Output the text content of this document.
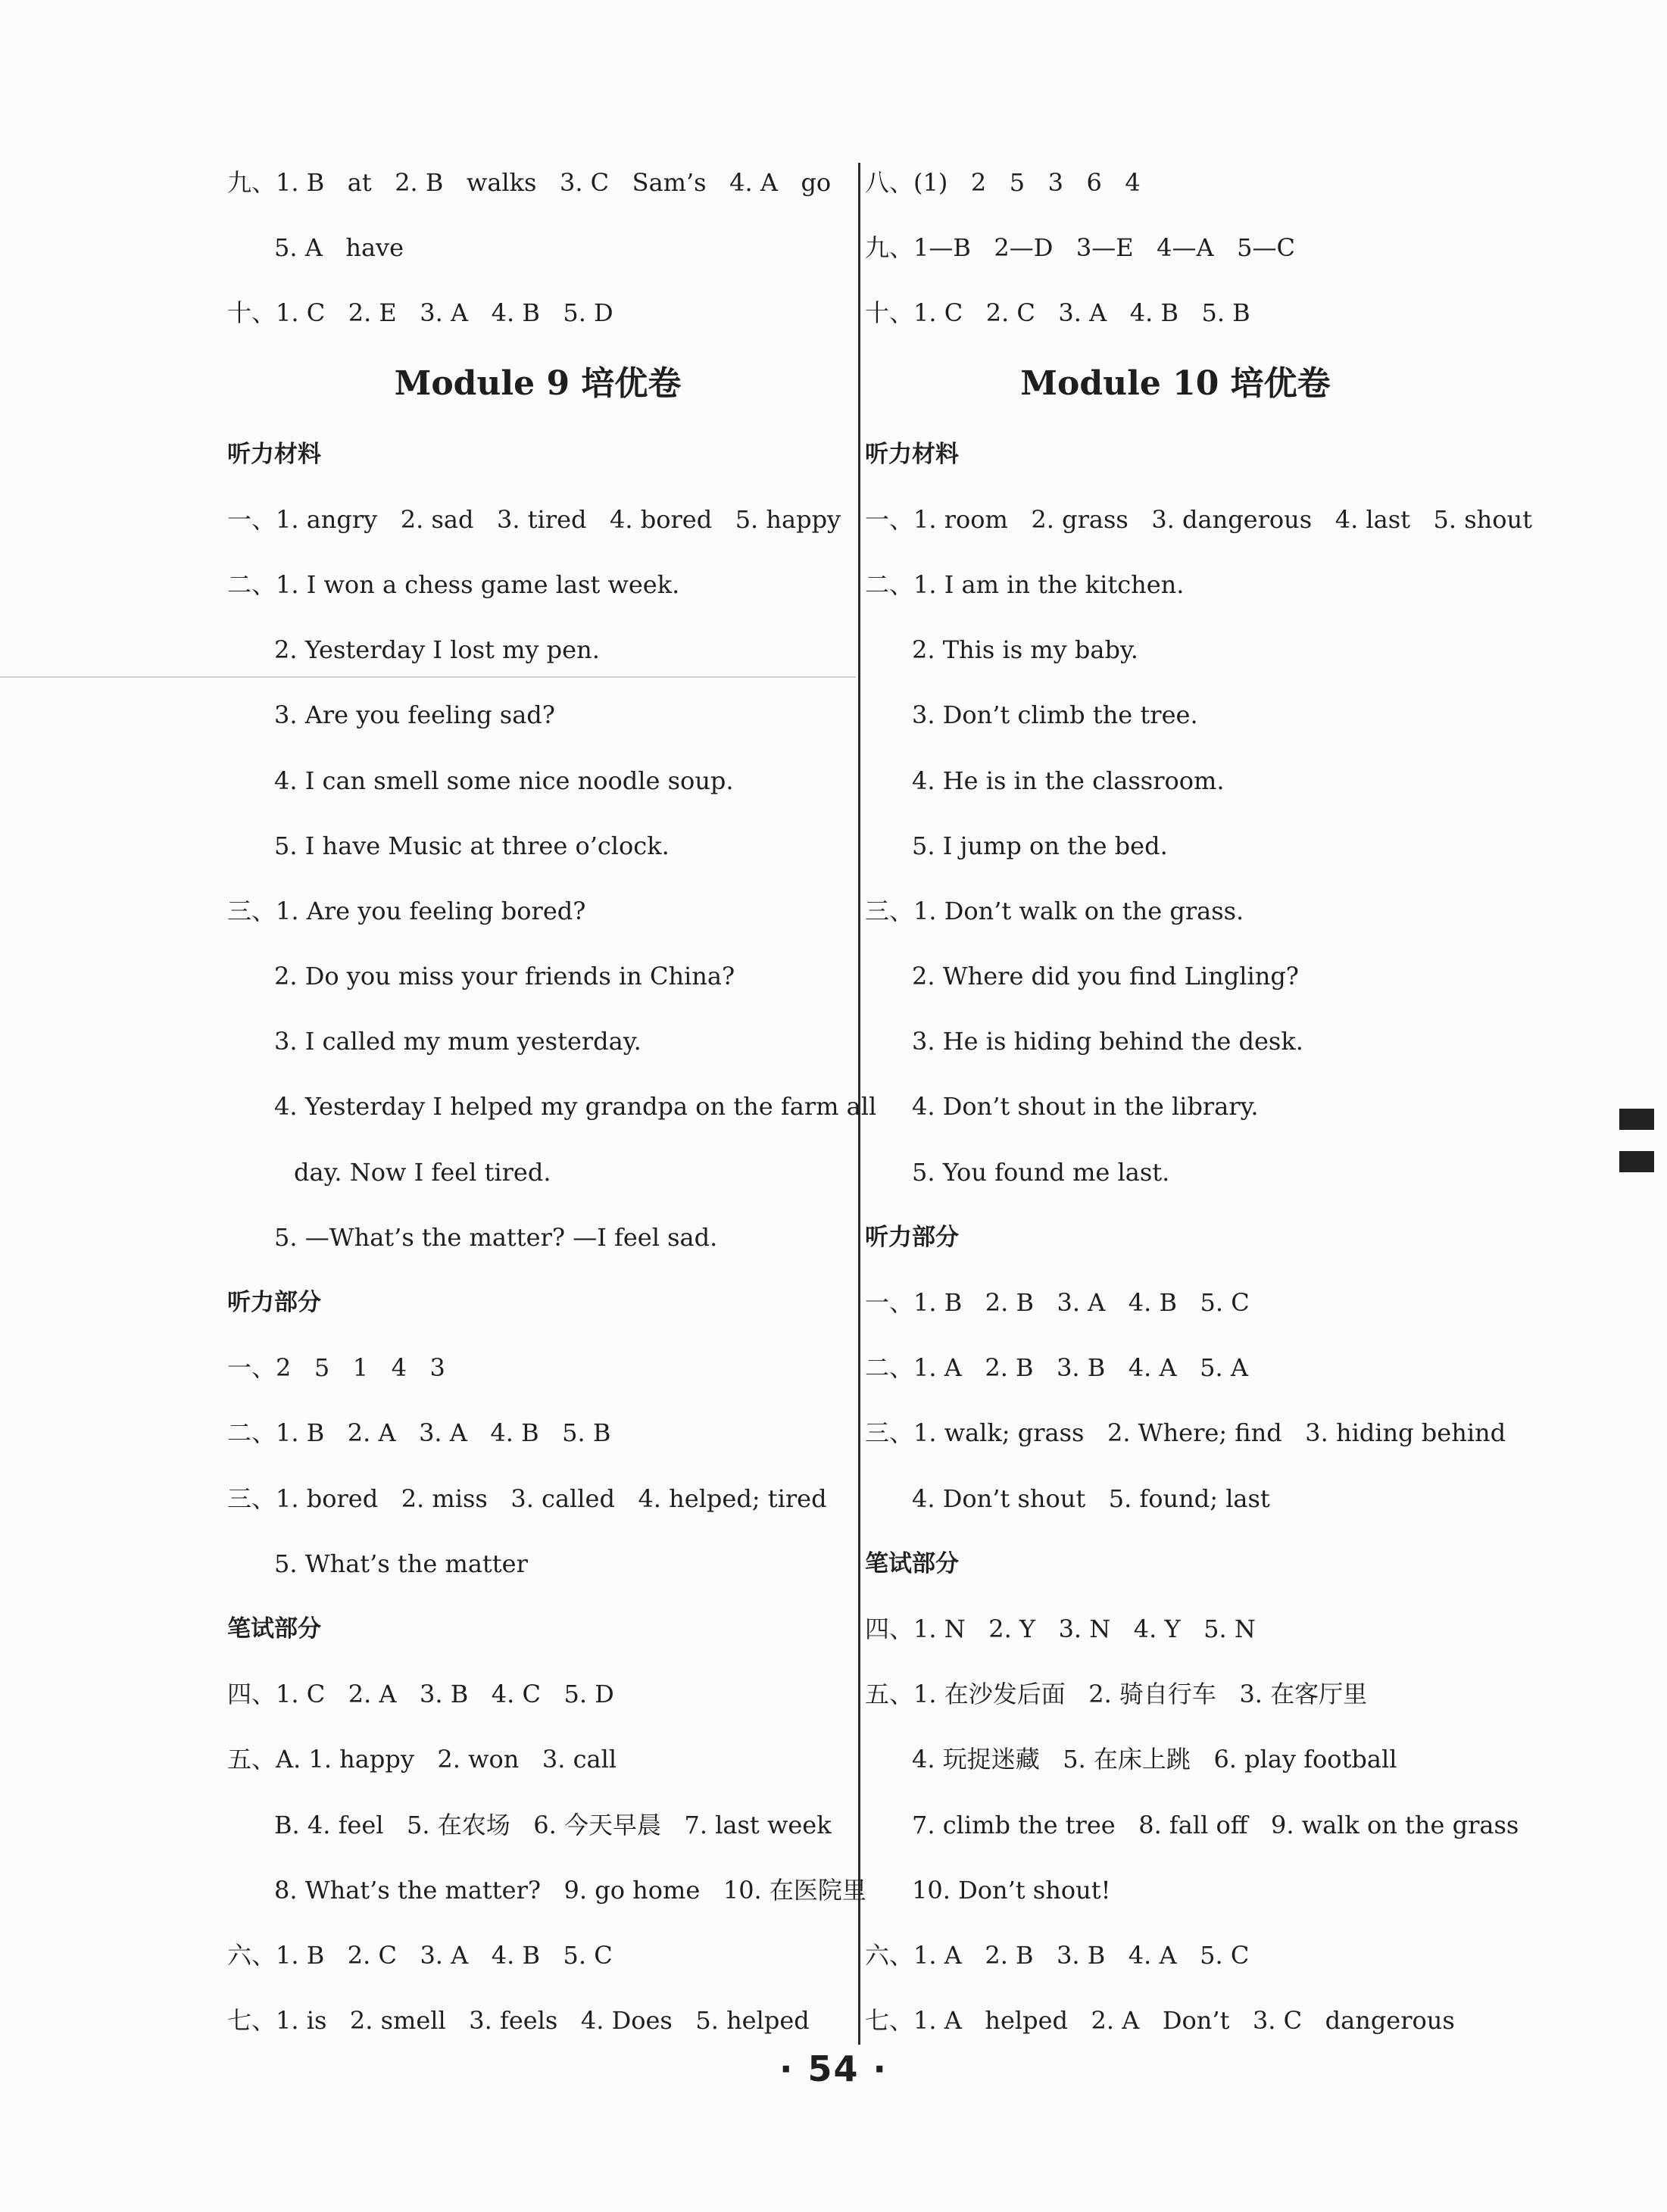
九、1. B   at   2. B   walks   3. C   Sam’s   4. A   go
5. A   have
十、1. C   2. E   3. A   4. B   5. D
Module 9 培优卷
听力材料
一、1. angry   2. sad   3. tired   4. bored   5. happy
二、1. I won a chess game last week.
2. Yesterday I lost my pen.
3. Are you feeling sad?
4. I can smell some nice noodle soup.
5. I have Music at three o’clock.
三、1. Are you feeling bored?
2. Do you miss your friends in China?
3. I called my mum yesterday.
4. Yesterday I helped my grandpa on the farm all
day. Now I feel tired.
5. —What’s the matter? —I feel sad.
听力部分
一、2   5   1   4   3
二、1. B   2. A   3. A   4. B   5. B
三、1. bored   2. miss   3. called   4. helped; tired
5. What’s the matter
笔试部分
四、1. C   2. A   3. B   4. C   5. D
五、A. 1. happy   2. won   3. call
B. 4. feel   5. 在农场   6. 今天早晨   7. last week
8. What’s the matter?   9. go home   10. 在医院里
六、1. B   2. C   3. A   4. B   5. C
七、1. is   2. smell   3. feels   4. Does   5. helped
八、(1)   2   5   3   6   4
九、1—B   2—D   3—E   4—A   5—C
十、1. C   2. C   3. A   4. B   5. B
Module 10 培优卷
听力材料
一、1. room   2. grass   3. dangerous   4. last   5. shout
二、1. I am in the kitchen.
2. This is my baby.
3. Don’t climb the tree.
4. He is in the classroom.
5. I jump on the bed.
三、1. Don’t walk on the grass.
2. Where did you find Lingling?
3. He is hiding behind the desk.
4. Don’t shout in the library.
5. You found me last.
听力部分
一、1. B   2. B   3. A   4. B   5. C
二、1. A   2. B   3. B   4. A   5. A
三、1. walk; grass   2. Where; find   3. hiding behind
4. Don’t shout   5. found; last
笔试部分
四、1. N   2. Y   3. N   4. Y   5. N
五、1. 在沙发后面   2. 骑自行车   3. 在客厅里
4. 玩捉迷藏   5. 在床上跳   6. play football
7. climb the tree   8. fall off   9. walk on the grass
10. Don’t shout!
六、1. A   2. B   3. B   4. A   5. C
七、1. A   helped   2. A   Don’t   3. C   dangerous
· 54 ·
